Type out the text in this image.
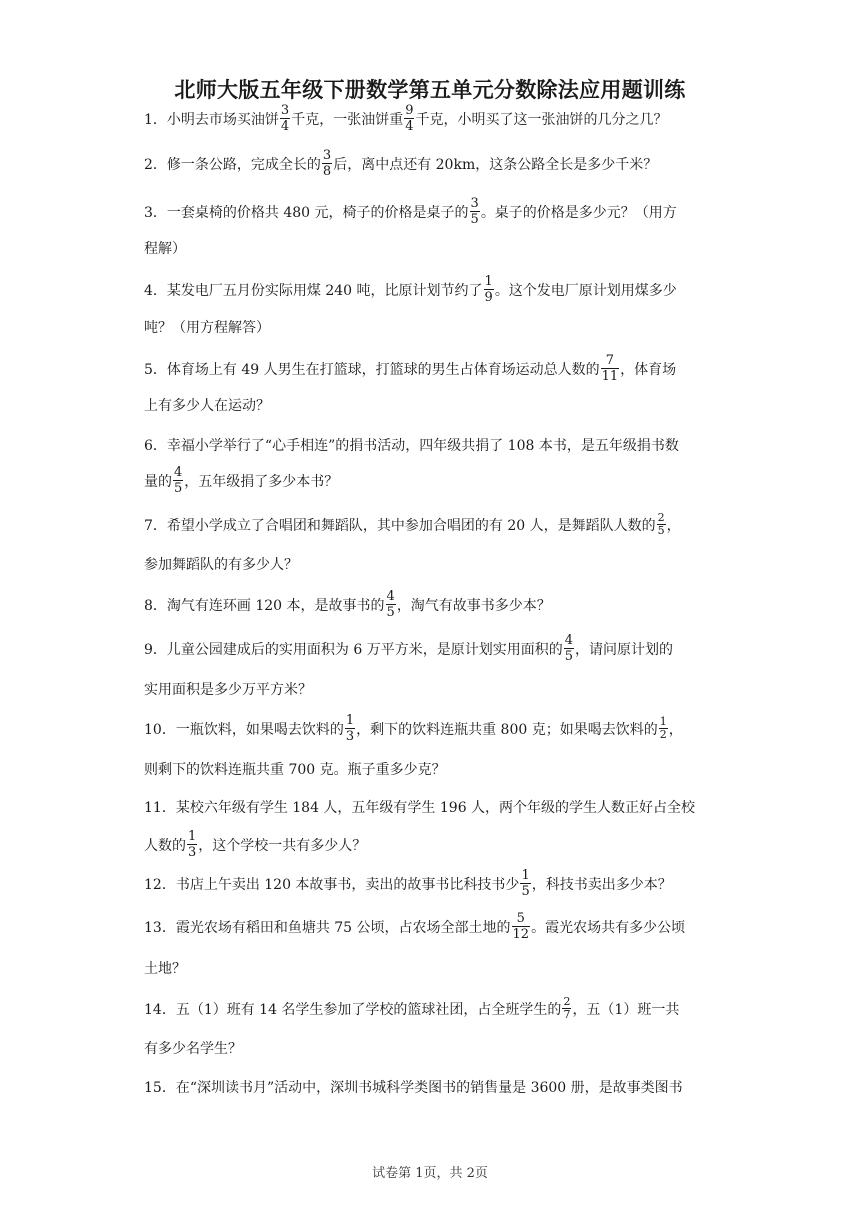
北师大版五年级下册数学第五单元分数除法应用题训练
1．小明去市场买油饼 $\frac{3}{4}$ 千克，一张油饼重 $\frac{9}{4}$ 千克，小明买了这一张油饼的几分之几？
2．修一条公路，完成全长的 $\frac{3}{8}$ 后，离中点还有 20km，这条公路全长是多少千米？
3．一套桌椅的价格共 480 元，椅子的价格是桌子的 $\frac{3}{5}$ 。桌子的价格是多少元？（用方
程解）
4．某发电厂五月份实际用煤 240 吨，比原计划节约了 $\frac{1}{9}$ 。这个发电厂原计划用煤多少
吨？（用方程解答）
5．体育场上有 49 人男生在打篮球，打篮球的男生占体育场运动总人数的 $\frac{7}{11}$ ，体育场
上有多少人在运动？
6．幸福小学举行了“心手相连”的捐书活动，四年级共捐了 108 本书，是五年级捐书数
量的 $\frac{4}{5}$ ，五年级捐了多少本书？
7．希望小学成立了合唱团和舞蹈队，其中参加合唱团的有 20 人，是舞蹈队人数的 $\frac{2}{5}$ ，
参加舞蹈队的有多少人？
8．淘气有连环画 120 本，是故事书的 $\frac{4}{5}$ ，淘气有故事书多少本？
9．儿童公园建成后的实用面积为 6 万平方米，是原计划实用面积的 $\frac{4}{5}$ ，请问原计划的
实用面积是多少万平方米？
10．一瓶饮料，如果喝去饮料的 $\frac{1}{3}$ ，剩下的饮料连瓶共重 800 克；如果喝去饮料的 $\frac{1}{2}$ ，
则剩下的饮料连瓶共重 700 克。瓶子重多少克？
11．某校六年级有学生 184 人，五年级有学生 196 人，两个年级的学生人数正好占全校
人数的 $\frac{1}{3}$ ，这个学校一共有多少人？
12．书店上午卖出 120 本故事书，卖出的故事书比科技书少 $\frac{1}{5}$ ，科技书卖出多少本？
13．霞光农场有稻田和鱼塘共 75 公顷，占农场全部土地的 $\frac{5}{12}$ 。霞光农场共有多少公顷
土地？
14．五（1）班有 14 名学生参加了学校的篮球社团，占全班学生的 $\frac{2}{7}$ ，五（1）班一共
有多少名学生？
15．在“深圳读书月”活动中，深圳书城科学类图书的销售量是 3600 册，是故事类图书
试卷第 1页，共 2页
